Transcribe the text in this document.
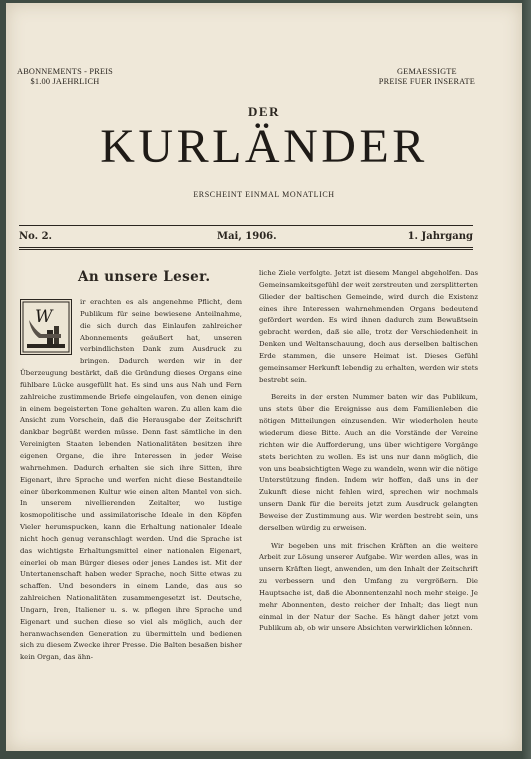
ABONNEMENTS - PREIS
$1.00 JAEHRLICH
GEMAESSIGTE
PREISE FUER INSERATE
DER
KURLÄNDER
ERSCHEINT EINMAL MONATLICH
No. 2.	Mai, 1906.	1. Jahrgang
An unsere Leser.
W

ir erachten es als angenehme Pflicht, dem Publikum für seine bewiesene Anteilnahme, die sich durch das Einlaufen zahlreicher Abonnements geäußert hat, unseren verbindlichsten Dank zum Ausdruck zu bringen. Dadurch werden wir in der Überzeugung bestärkt, daß die Gründung dieses Organs eine fühlbare Lücke ausgefüllt hat. Es sind uns aus Nah und Fern zahlreiche zustimmende Briefe eingelaufen, von denen einige in einem begeisterten Tone gehalten waren. Zu allen kam die Ansicht zum Vorschein, daß die Herausgabe der Zeitschrift dankbar begrüßt werden müsse. Denn fast sämtliche in den Vereinigten Staaten lebenden Nationalitäten besitzen ihre eigenen Organe, die ihre Interessen in jeder Weise wahrnehmen. Dadurch erhalten sie sich ihre Sitten, ihre Eigenart, ihre Sprache und werfen nicht diese Bestandteile einer überkommenen Kultur wie einen alten Mantel von sich. In unserem nivellierenden Zeitalter, wo lustige kosmopolitische und assimilatorische Ideale in den Köpfen Vieler herumspucken, kann die Erhaltung nationaler Ideale nicht hoch genug veranschlagt werden. Und die Sprache ist das wichtigste Erhaltungsmittel einer nationalen Eigenart, einerlei ob man Bürger dieses oder jenes Landes ist. Mit der Untertanenschaft haben weder Sprache, noch Sitte etwas zu schaffen. Und besonders in einem Lande, das aus so zahlreichen Nationalitäten zusammengesetzt ist. Deutsche, Ungarn, Iren, Italiener u. s. w. pflegen ihre Sprache und Eigenart und suchen diese so viel als möglich, auch der heranwachsenden Generation zu übermitteln und bedienen sich zu diesem Zwecke ihrer Presse. Die Balten besaßen bisher kein Organ, das ähn-

liche Ziele verfolgte. Jetzt ist diesem Mangel abgeholfen. Das Gemeinsamkeitsgefühl der weit zerstreuten und zersplitterten Glieder der baltischen Gemeinde, wird durch die Existenz eines ihre Interessen wahrnehmenden Organs bedeutend gefördert werden. Es wird ihnen dadurch zum Bewußtsein gebracht werden, daß sie alle, trotz der Verschiedenheit in Denken und Weltanschauung, doch aus derselben baltischen Erde stammen, die unsere Heimat ist. Dieses Gefühl gemeinsamer Herkunft lebendig zu erhalten, werden wir stets bestrebt sein.

Bereits in der ersten Nummer baten wir das Publikum, uns stets über die Ereignisse aus dem Familienleben die nötigen Mitteilungen einzusenden. Wir wiederholen heute wiederum diese Bitte. Auch an die Vorstände der Vereine richten wir die Aufforderung, uns über wichtigere Vorgänge stets berichten zu wollen. Es ist uns nur dann möglich, die von uns beabsichtigten Wege zu wandeln, wenn wir die nötige Unterstützung finden. Indem wir hoffen, daß uns in der Zukunft diese nicht fehlen wird, sprechen wir nochmals unsern Dank für die bereits jetzt zum Ausdruck gelangten Beweise der Zustimmung aus. Wir werden bestrebt sein, uns derselben würdig zu erweisen.

Wir begeben uns mit frischen Kräften an die weitere Arbeit zur Lösung unserer Aufgabe. Wir werden alles, was in unsern Kräften liegt, anwenden, um den Inhalt der Zeitschrift zu verbessern und den Umfang zu vergrößern. Die Hauptsache ist, daß die Abonnentenzahl noch mehr steige. Je mehr Abonnenten, desto reicher der Inhalt; das liegt nun einmal in der Natur der Sache. Es hängt daher jetzt vom Publikum ab, ob wir unsere Absichten verwirklichen können.
